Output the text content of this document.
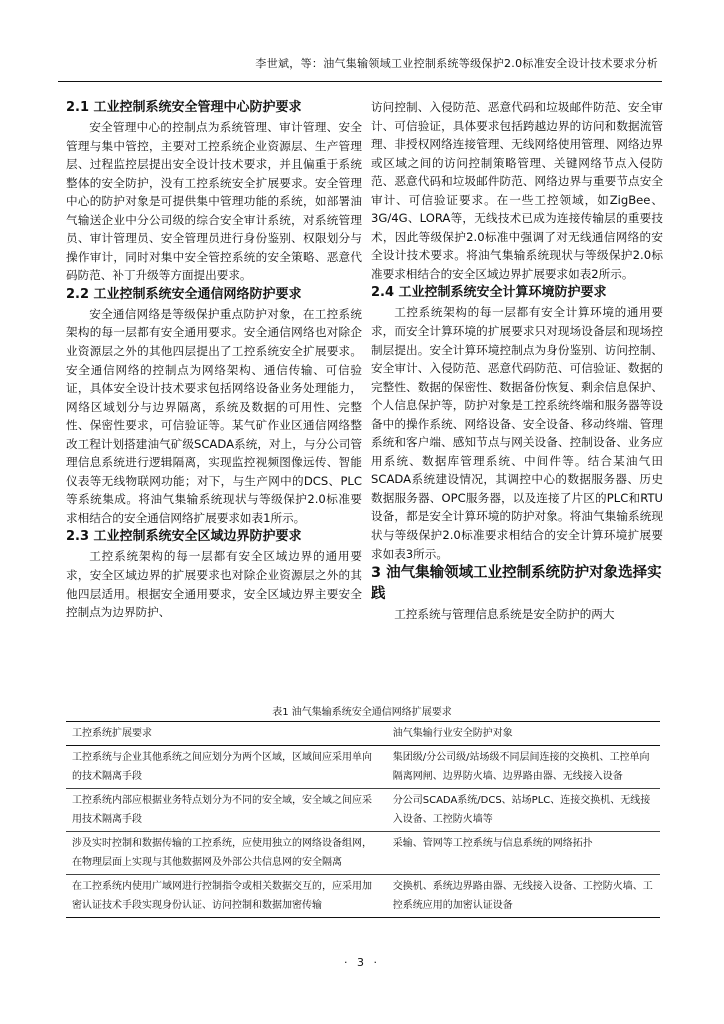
李世斌，等：油气集输领域工业控制系统等级保护2.0标准安全设计技术要求分析
2.1 工业控制系统安全管理中心防护要求

安全管理中心的控制点为系统管理、审计管理、安全管理与集中管控，主要对工控系统企业资源层、生产管理层、过程监控层提出安全设计技术要求，并且偏重于系统整体的安全防护，没有工控系统安全扩展要求。安全管理中心的防护对象是可提供集中管理功能的系统，如部署油气输送企业中分公司级的综合安全审计系统，对系统管理员、审计管理员、安全管理员进行身份鉴别、权限划分与操作审计，同时对集中安全管控系统的安全策略、恶意代码防范、补丁升级等方面提出要求。

2.2 工业控制系统安全通信网络防护要求

安全通信网络是等级保护重点防护对象，在工控系统架构的每一层都有安全通用要求。安全通信网络也对除企业资源层之外的其他四层提出了工控系统安全扩展要求。安全通信网络的控制点为网络架构、通信传输、可信验证，具体安全设计技术要求包括网络设备业务处理能力，网络区域划分与边界隔离，系统及数据的可用性、完整性、保密性要求，可信验证等。某气矿作业区通信网络整改工程计划搭建油气矿级SCADA系统，对上，与分公司管理信息系统进行逻辑隔离，实现监控视频图像远传、智能仪表等无线物联网功能；对下，与生产网中的DCS、PLC等系统集成。将油气集输系统现状与等级保护2.0标准要求相结合的安全通信网络扩展要求如表1所示。

2.3 工业控制系统安全区域边界防护要求

工控系统架构的每一层都有安全区域边界的通用要求，安全区域边界的扩展要求也对除企业资源层之外的其他四层适用。根据安全通用要求，安全区域边界主要安全控制点为边界防护、

访问控制、入侵防范、恶意代码和垃圾邮件防范、安全审计、可信验证，具体要求包括跨越边界的访问和数据流管理、非授权网络连接管理、无线网络使用管理、网络边界或区域之间的访问控制策略管理、关键网络节点入侵防范、恶意代码和垃圾邮件防范、网络边界与重要节点安全审计、可信验证要求。在一些工控领域，如ZigBee、3G/4G、LORA等，无线技术已成为连接传输层的重要技术，因此等级保护2.0标准中强调了对无线通信网络的安全设计技术要求。将油气集输系统现状与等级保护2.0标准要求相结合的安全区域边界扩展要求如表2所示。

2.4 工业控制系统安全计算环境防护要求

工控系统架构的每一层都有安全计算环境的通用要求，而安全计算环境的扩展要求只对现场设备层和现场控制层提出。安全计算环境控制点为身份鉴别、访问控制、安全审计、入侵防范、恶意代码防范、可信验证、数据的完整性、数据的保密性、数据备份恢复、剩余信息保护、个人信息保护等，防护对象是工控系统终端和服务器等设备中的操作系统、网络设备、安全设备、移动终端、管理系统和客户端、感知节点与网关设备、控制设备、业务应用系统、数据库管理系统、中间件等。结合某油气田SCADA系统建设情况，其调控中心的数据服务器、历史数据服务器、OPC服务器，以及连接了片区的PLC和RTU设备，都是安全计算环境的防护对象。将油气集输系统现状与等级保护2.0标准要求相结合的安全计算环境扩展要求如表3所示。

3 油气集输领域工业控制系统防护对象选择实践

工控系统与管理信息系统是安全防护的两大

表1 油气集输系统安全通信网络扩展要求
工控系统扩展要求	油气集输行业安全防护对象
工控系统与企业其他系统之间应划分为两个区域，区域间应采用单向的技术隔离手段	集团级/分公司级/站场级不同层间连接的交换机、工控单向隔离网闸、边界防火墙、边界路由器、无线接入设备
工控系统内部应根据业务特点划分为不同的安全域，安全域之间应采用技术隔离手段	分公司SCADA系统/DCS、站场PLC、连接交换机、无线接入设备、工控防火墙等
涉及实时控制和数据传输的工控系统，应使用独立的网络设备组网，在物理层面上实现与其他数据网及外部公共信息网的安全隔离	采输、管网等工控系统与信息系统的网络拓扑
在工控系统内使用广域网进行控制指令或相关数据交互的，应采用加密认证技术手段实现身份认证、访问控制和数据加密传输	交换机、系统边界路由器、无线接入设备、工控防火墙、工控系统应用的加密认证设备
· 3 ·
